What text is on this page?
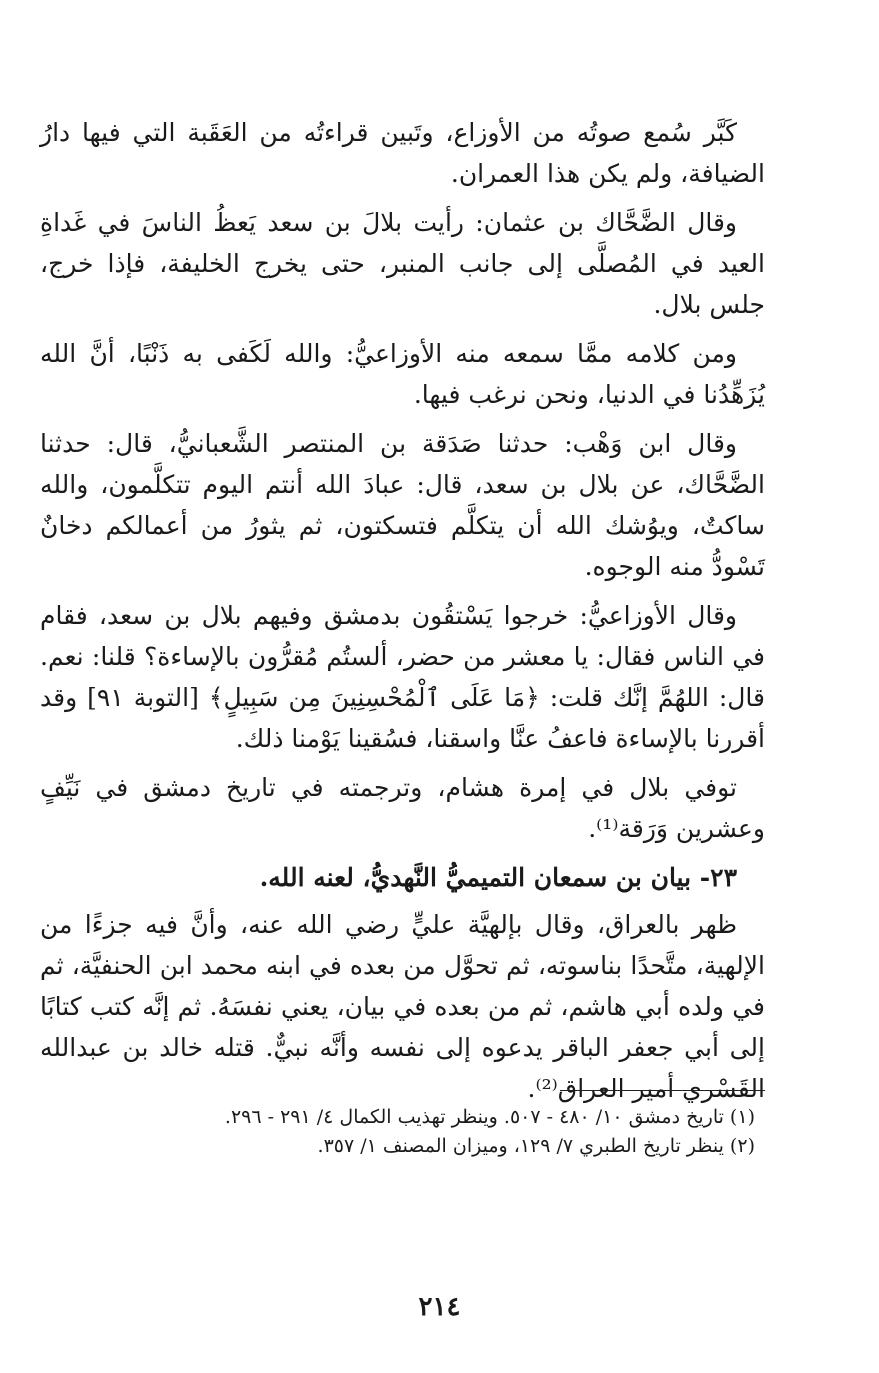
كَبَّر سُمع صوتُه من الأوزاع، وتَبين قراءتُه من العَقَبة التي فيها دارُ الضيافة، ولم يكن هذا العمران.

وقال الضَّحَّاك بن عثمان: رأيت بلالَ بن سعد يَعظُ الناسَ في غَداةِ العيد في المُصلَّى إلى جانب المنبر، حتى يخرج الخليفة، فإذا خرج، جلس بلال.

ومن كلامه ممَّا سمعه منه الأوزاعيُّ: والله لَكَفى به ذَنْبًا، أنَّ الله يُزَهِّدُنا في الدنيا، ونحن نرغب فيها.

وقال ابن وَهْب: حدثنا صَدَقة بن المنتصر الشَّعبانيُّ، قال: حدثنا الضَّحَّاك، عن بلال بن سعد، قال: عبادَ الله أنتم اليوم تتكلَّمون، والله ساكتٌ، ويوُشك الله أن يتكلَّم فتسكتون، ثم يثورُ من أعمالكم دخانٌ تَسْودُّ منه الوجوه.

وقال الأوزاعيُّ: خرجوا يَسْتقُون بدمشق وفيهم بلال بن سعد، فقام في الناس فقال: يا معشر من حضر، ألستُم مُقرُّون بالإساءة؟ قلنا: نعم. قال: اللهُمَّ إنَّك قلت: ﴿مَا عَلَى ٱلْمُحْسِنِينَ مِن سَبِيلٍ﴾ [التوبة ٩١] وقد أقررنا بالإساءة فاعفُ عنَّا واسقنا، فسُقينا يَوْمنا ذلك.

توفي بلال في إمرة هشام، وترجمته في تاريخ دمشق في نَيِّفٍ وعشرين وَرَقة⁽¹⁾.

٢٣- بيان بن سمعان التميميُّ النَّهديُّ، لعنه الله.

ظهر بالعراق، وقال بإلهيَّة عليٍّ رضي الله عنه، وأنَّ فيه جزءًا من الإلهية، متَّحدًا بناسوته، ثم تحوَّل من بعده في ابنه محمد ابن الحنفيَّة، ثم في ولده أبي هاشم، ثم من بعده في بيان، يعني نفسَهُ. ثم إنَّه كتب كتابًا إلى أبي جعفر الباقر يدعوه إلى نفسه وأنَّه نبيٌّ. قتله خالد بن عبدالله القَسْري أمير العراق⁽²⁾.

(١) تاريخ دمشق ١٠/ ٤٨٠ - ٥٠٧. وينظر تهذيب الكمال ٤/ ٢٩١ - ٢٩٦.
(٢) ينظر تاريخ الطبري ٧/ ١٢٩، وميزان المصنف ١/ ٣٥٧.
٢١٤
